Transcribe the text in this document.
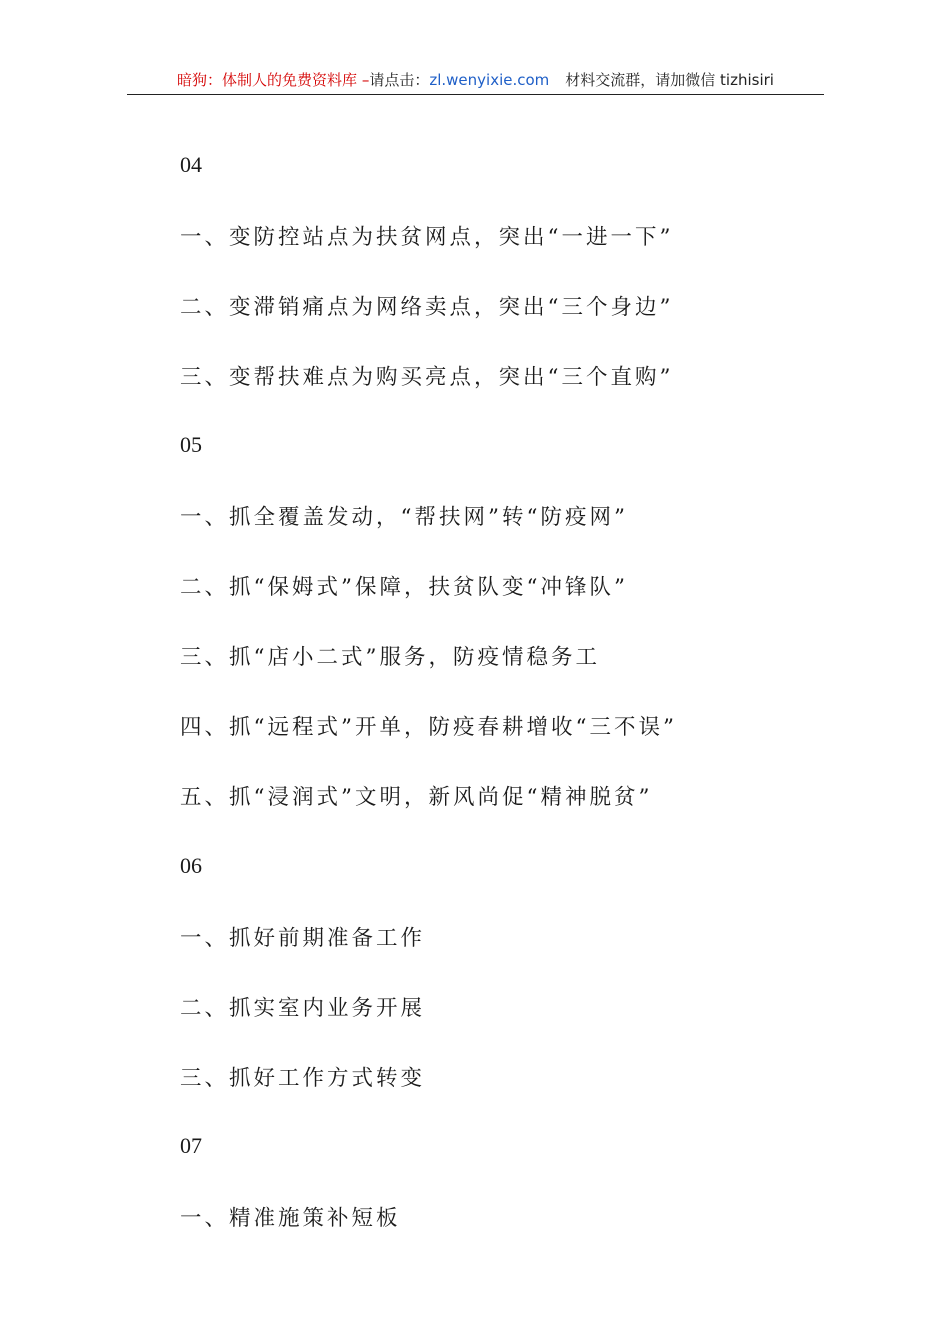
暗狗：体制人的免费资料库 –请点击：zl.wenyixie.com 材料交流群，请加微信 tizhisiri
04
一、变防控站点为扶贫网点，突出“一进一下”
二、变滞销痛点为网络卖点，突出“三个身边”
三、变帮扶难点为购买亮点，突出“三个直购”
05
一、抓全覆盖发动，“帮扶网”转“防疫网”
二、抓“保姆式”保障，扶贫队变“冲锋队”
三、抓“店小二式”服务，防疫情稳务工
四、抓“远程式”开单，防疫春耕增收“三不误”
五、抓“浸润式”文明，新风尚促“精神脱贫”
06
一、抓好前期准备工作
二、抓实室内业务开展
三、抓好工作方式转变
07
一、精准施策补短板
